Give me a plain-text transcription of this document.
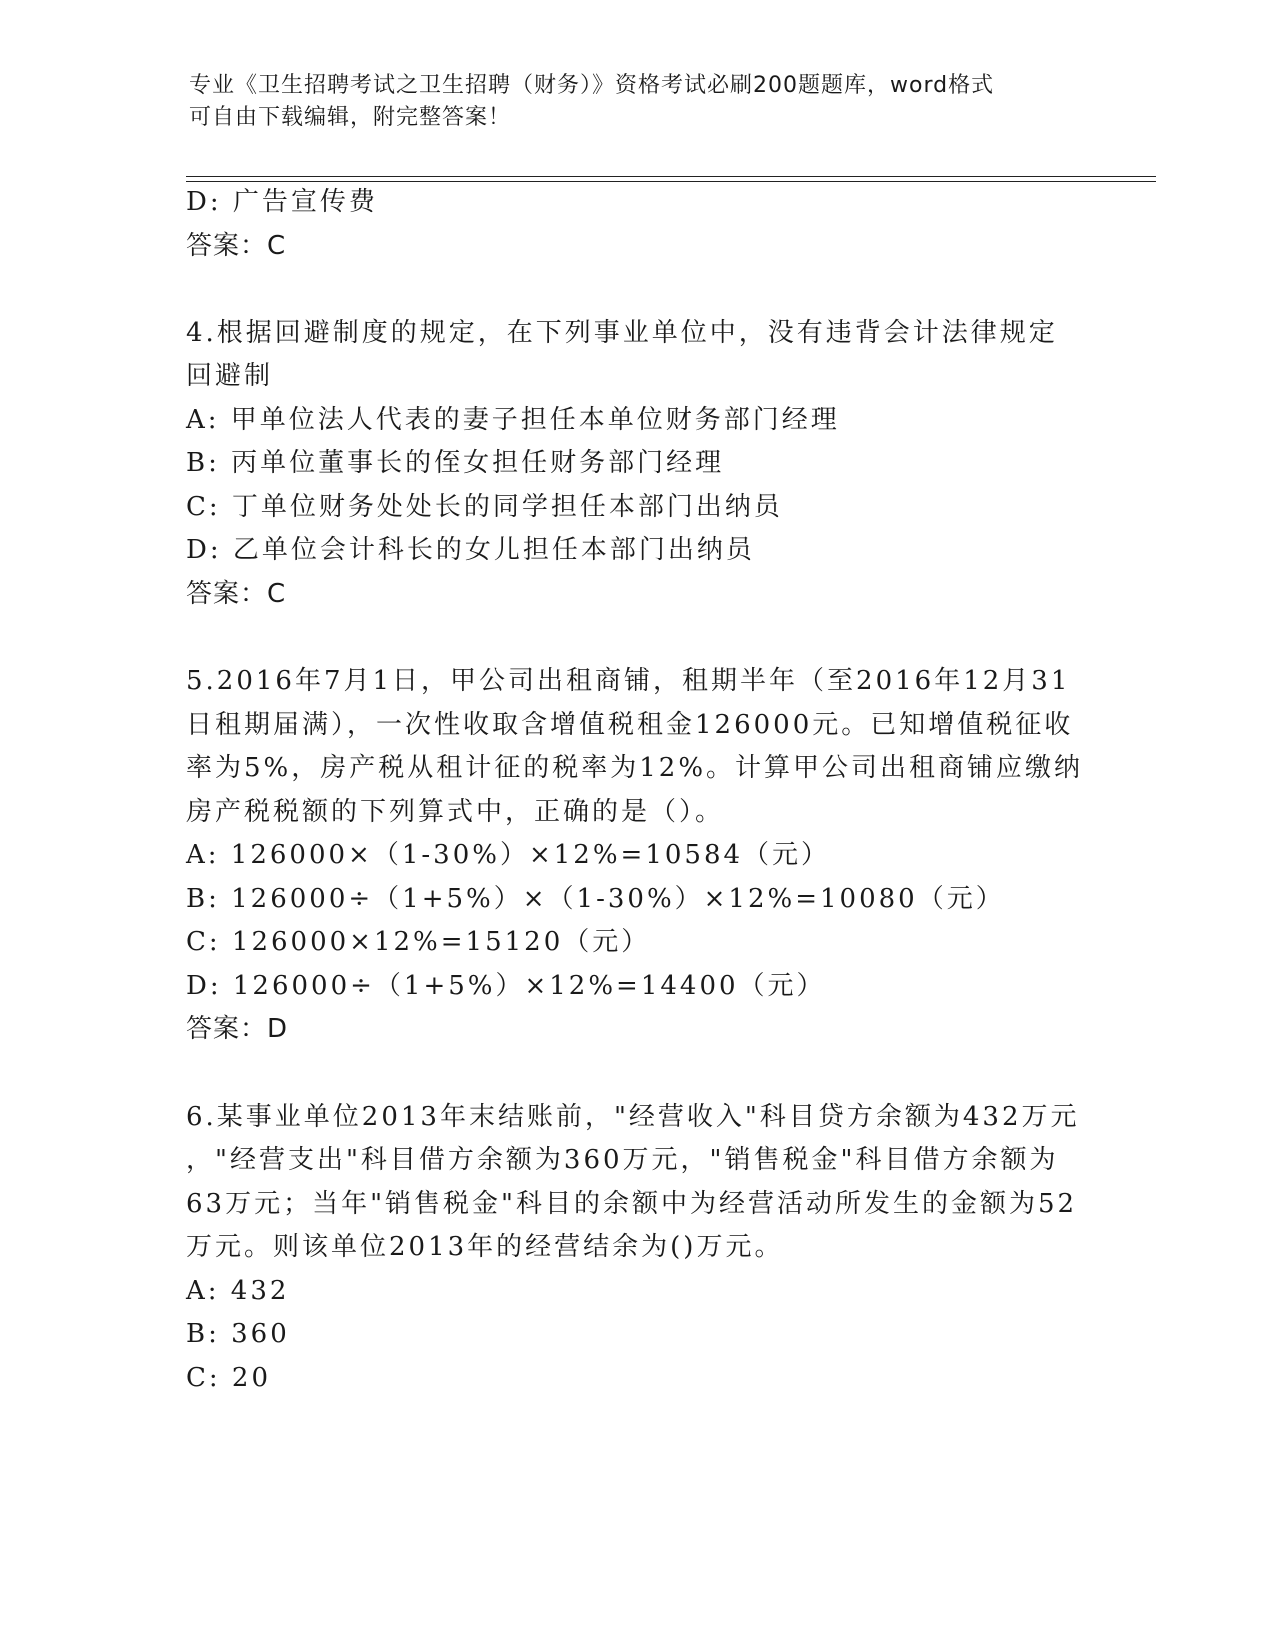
专业《卫生招聘考试之卫生招聘（财务）》资格考试必刷200题题库，word格式
可自由下载编辑，附完整答案！
D: 广告宣传费
答案：C
4.根据回避制度的规定，在下列事业单位中，没有违背会计法律规定
回避制
A: 甲单位法人代表的妻子担任本单位财务部门经理
B: 丙单位董事长的侄女担任财务部门经理
C: 丁单位财务处处长的同学担任本部门出纳员
D: 乙单位会计科长的女儿担任本部门出纳员
答案：C
5.2016年7月1日，甲公司出租商铺，租期半年（至2016年12月31
日租期届满），一次性收取含增值税租金126000元。已知增值税征收
率为5%，房产税从租计征的税率为12%。计算甲公司出租商铺应缴纳
房产税税额的下列算式中，正确的是（）。
A: 126000×（1-30%）×12%=10584（元）
B: 126000÷（1+5%）×（1-30%）×12%=10080（元）
C: 126000×12%=15120（元）
D: 126000÷（1+5%）×12%=14400（元）
答案：D
6.某事业单位2013年末结账前，"经营收入"科目贷方余额为432万元
，"经营支出"科目借方余额为360万元，"销售税金"科目借方余额为
63万元；当年"销售税金"科目的余额中为经营活动所发生的金额为52
万元。则该单位2013年的经营结余为()万元。
A: 432
B: 360
C: 20
